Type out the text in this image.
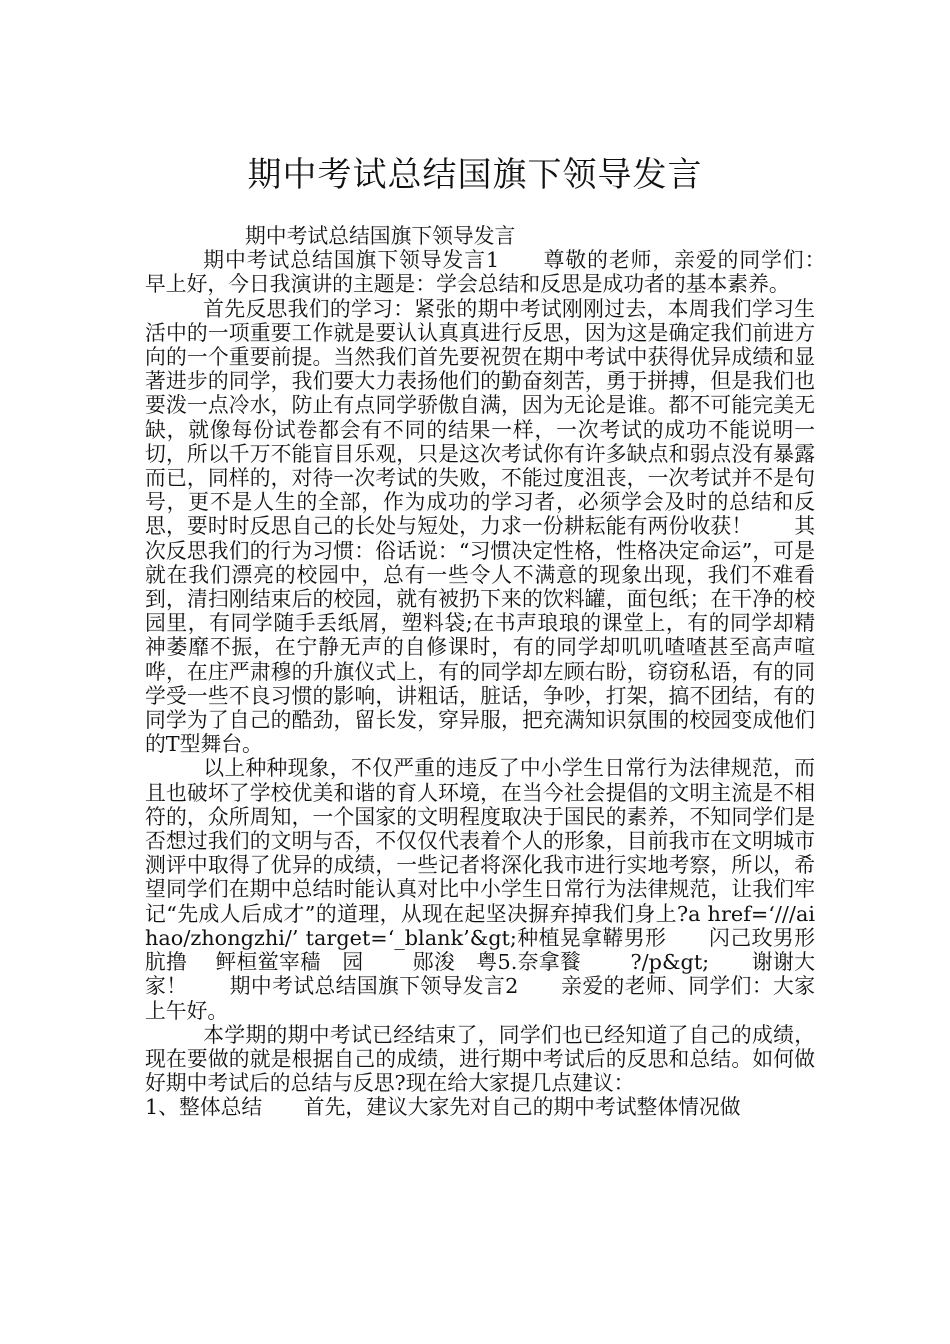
期中考试总结国旗下领导发言

期中考试总结国旗下领导发言

期中考试总结国旗下领导发言1　　尊敬的老师，亲爱的同学们：　　早上好，今日我演讲的主题是：学会总结和反思是成功者的基本素养。

首先反思我们的学习：紧张的期中考试刚刚过去，本周我们学习生活中的一项重要工作就是要认认真真进行反思，因为这是确定我们前进方向的一个重要前提。当然我们首先要祝贺在期中考试中获得优异成绩和显著进步的同学，我们要大力表扬他们的勤奋刻苦，勇于拼搏，但是我们也要泼一点冷水，防止有点同学骄傲自满，因为无论是谁。都不可能完美无缺，就像每份试卷都会有不同的结果一样，一次考试的成功不能说明一切，所以千万不能盲目乐观，只是这次考试你有许多缺点和弱点没有暴露而已，同样的，对待一次考试的失败，不能过度沮丧，一次考试并不是句号，更不是人生的全部，作为成功的学习者，必须学会及时的总结和反思，要时时反思自己的长处与短处，力求一份耕耘能有两份收获！　　其次反思我们的行为习惯：俗话说：“习惯决定性格，性格决定命运”，可是就在我们漂亮的校园中，总有一些令人不满意的现象出现，我们不难看到，清扫刚结束后的校园，就有被扔下来的饮料罐，面包纸；在干净的校园里，有同学随手丢纸屑，塑料袋;在书声琅琅的课堂上，有的同学却精神萎靡不振，在宁静无声的自修课时，有的同学却叽叽喳喳甚至高声喧哗，在庄严肃穆的升旗仪式上，有的同学却左顾右盼，窃窃私语，有的同学受一些不良习惯的影响，讲粗话，脏话，争吵，打架，搞不团结，有的同学为了自己的酷劲，留长发，穿异服，把充满知识氛围的校园变成他们的T型舞台。

以上种种现象，不仅严重的违反了中小学生日常行为法律规范，而且也破坏了学校优美和谐的育人环境，在当今社会提倡的文明主流是不相符的，众所周知，一个国家的文明程度取决于国民的素养，不知同学们是否想过我们的文明与否，不仅仅代表着个人的形象，目前我市在文明城市测评中取得了优异的成绩，一些记者将深化我市进行实地考察，所以，希望同学们在期中总结时能认真对比中小学生日常行为法律规范，让我们牢记“先成人后成才”的道理，从现在起坚决摒弃掉我们身上?a href=‘///aihao/zhongzhi/’ target=‘_blank’&gt;种植晃拿鞯男形　　闪己玫男形　 肮撸　 鲆桓鲎宰穑　园　 　郧浚　粤5.奈拿餮　 　?/p&gt;　　谢谢大家！　　期中考试总结国旗下领导发言2　　亲爱的老师、同学们：大家上午好。

本学期的期中考试已经结束了，同学们也已经知道了自己的成绩，现在要做的就是根据自己的成绩，进行期中考试后的反思和总结。如何做好期中考试后的总结与反思?现在给大家提几点建议：

1、整体总结　　首先，建议大家先对自己的期中考试整体情况做
